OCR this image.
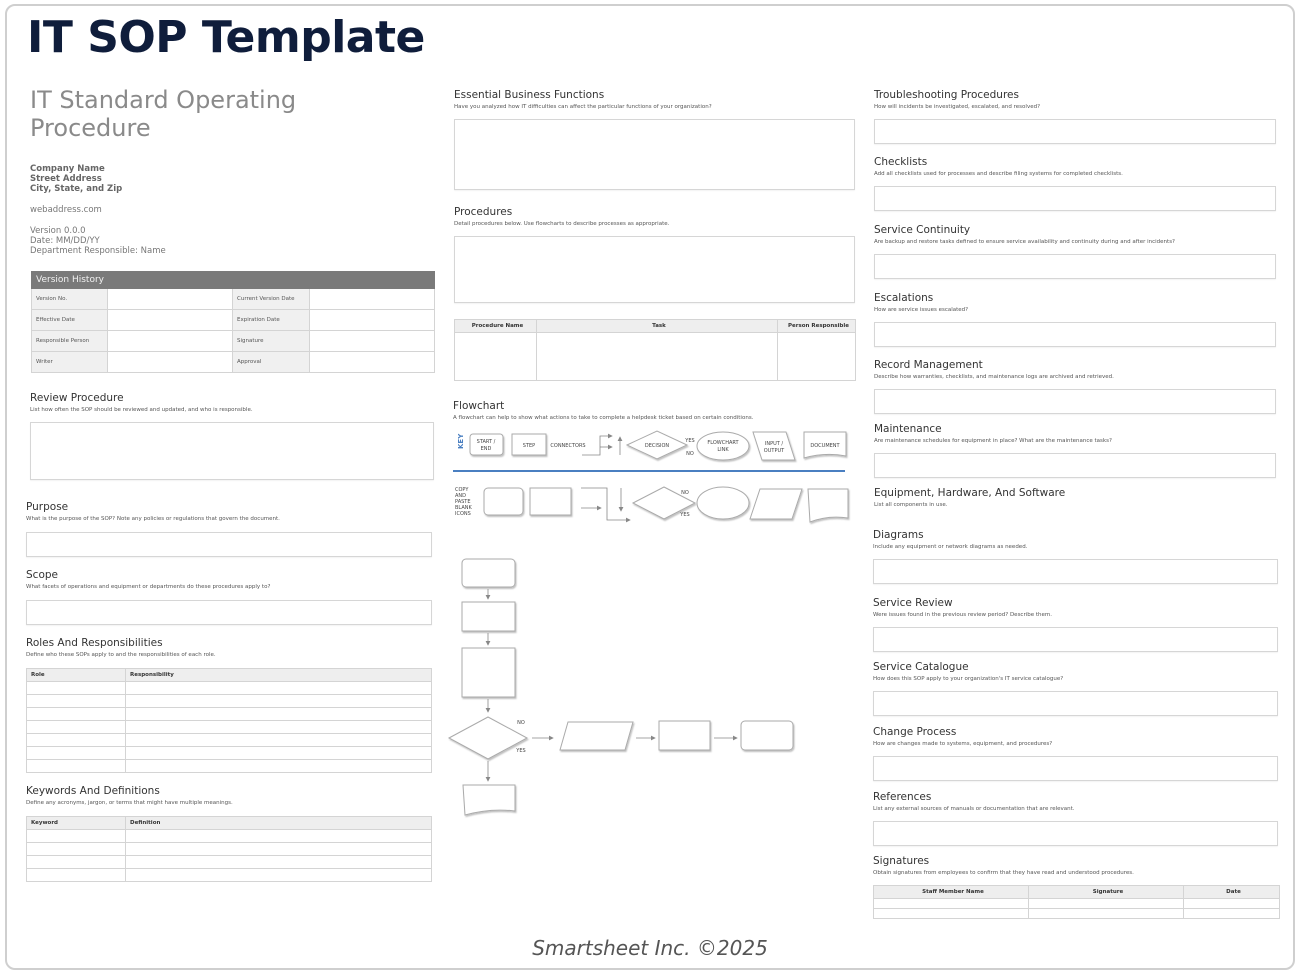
IT SOP Template
IT Standard Operating Procedure
Company Name
Street Address
City, State, and Zip
webaddress.com
Version 0.0.0
Date: MM/DD/YY
Department Responsible: Name
Version History			
Version No.		Current Version Date	
Effective Date		Expiration Date	
Responsible Person		Signature	
Writer		Approval	
Review Procedure
List how often the SOP should be reviewed and updated, and who is responsible.
Purpose
What is the purpose of the SOP? Note any policies or regulations that govern the document.
Scope
What facets of operations and equipment or departments do these procedures apply to?
Roles And Responsibilities
Define who these SOPs apply to and the responsibilities of each role.
Role	Responsibility

Keywords And Definitions
Define any acronyms, jargon, or terms that might have multiple meanings.
Keyword	Definition

Essential Business Functions
Have you analyzed how IT difficulties can affect the particular functions of your organization?
Procedures
Detail procedures below. Use flowcharts to describe processes as appropriate.
Procedure Name	Task	Person Responsible

Flowchart
A flowchart can help to show what actions to take to complete a helpdesk ticket based on certain conditions.
Troubleshooting Procedures
How will incidents be investigated, escalated, and resolved?
Checklists
Add all checklists used for processes and describe filing systems for completed checklists.
Service Continuity
Are backup and restore tasks defined to ensure service availability and continuity during and after incidents?
Escalations
How are service issues escalated?
Record Management
Describe how warranties, checklists, and maintenance logs are archived and retrieved.
Maintenance
Are maintenance schedules for equipment in place? What are the maintenance tasks?
Equipment, Hardware, And Software
List all components in use.
Diagrams
Include any equipment or network diagrams as needed.
Service Review
Were issues found in the previous review period? Describe them.
Service Catalogue
How does this SOP apply to your organization's IT service catalogue?
Change Process
How are changes made to systems, equipment, and procedures?
References
List any external sources of manuals or documentation that are relevant.
Signatures
Obtain signatures from employees to confirm that they have read and understood procedures.
Staff Member Name	Signature	Date

KEY START /
END	STEP	CONNECTORS	DECISION
YES
NO
FLOWCHART
LINK
INPUT /
OUTPUT
DOCUMENT
NO
YES
NO
YES
COPY
AND
PASTE
BLANK
ICONS
Smartsheet Inc. ©2025
